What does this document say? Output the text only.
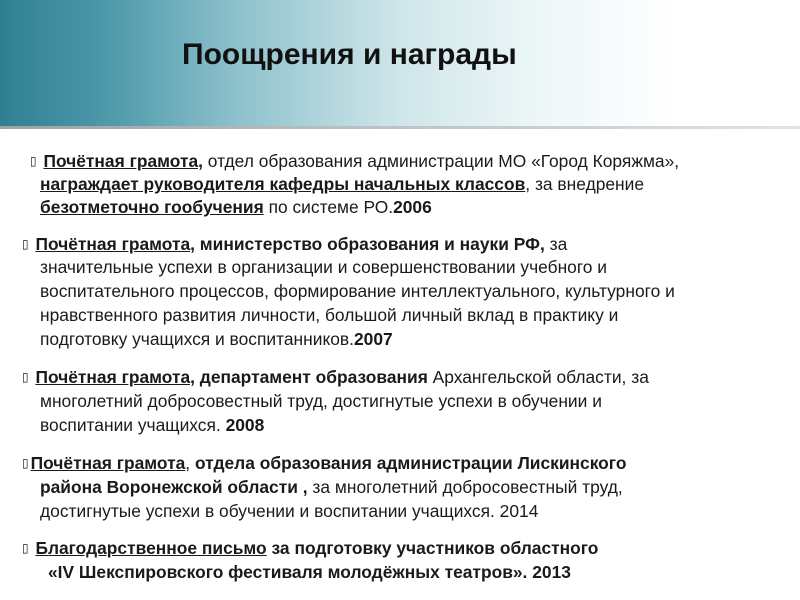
Поощрения и награды
▯ Почётная грамота, отдел образования администрации МО «Город Коряжма»,
награждает руководителя кафедры начальных классов, за внедрение
безотметочно гообучения по системе РО.2006
▯ Почётная грамота, министерство образования и науки РФ, за
значительные успехи в организации и совершенствовании учебного и
воспитательного процессов, формирование интеллектуального, культурного и
нравственного развития личности, большой личный вклад в практику и
подготовку учащихся и воспитанников.2007
▯ Почётная грамота, департамент образования Архангельской области, за
многолетний добросовестный труд, достигнутые успехи в обучении и
воспитании учащихся. 2008
▯ Почётная грамота, отдела образования администрации Лискинского
района Воронежской области , за многолетний добросовестный труд,
достигнутые успехи в обучении и воспитании учащихся. 2014
▯ Благодарственное письмо за подготовку участников областного
«IV Шекспировского фестиваля молодёжных театров». 2013
